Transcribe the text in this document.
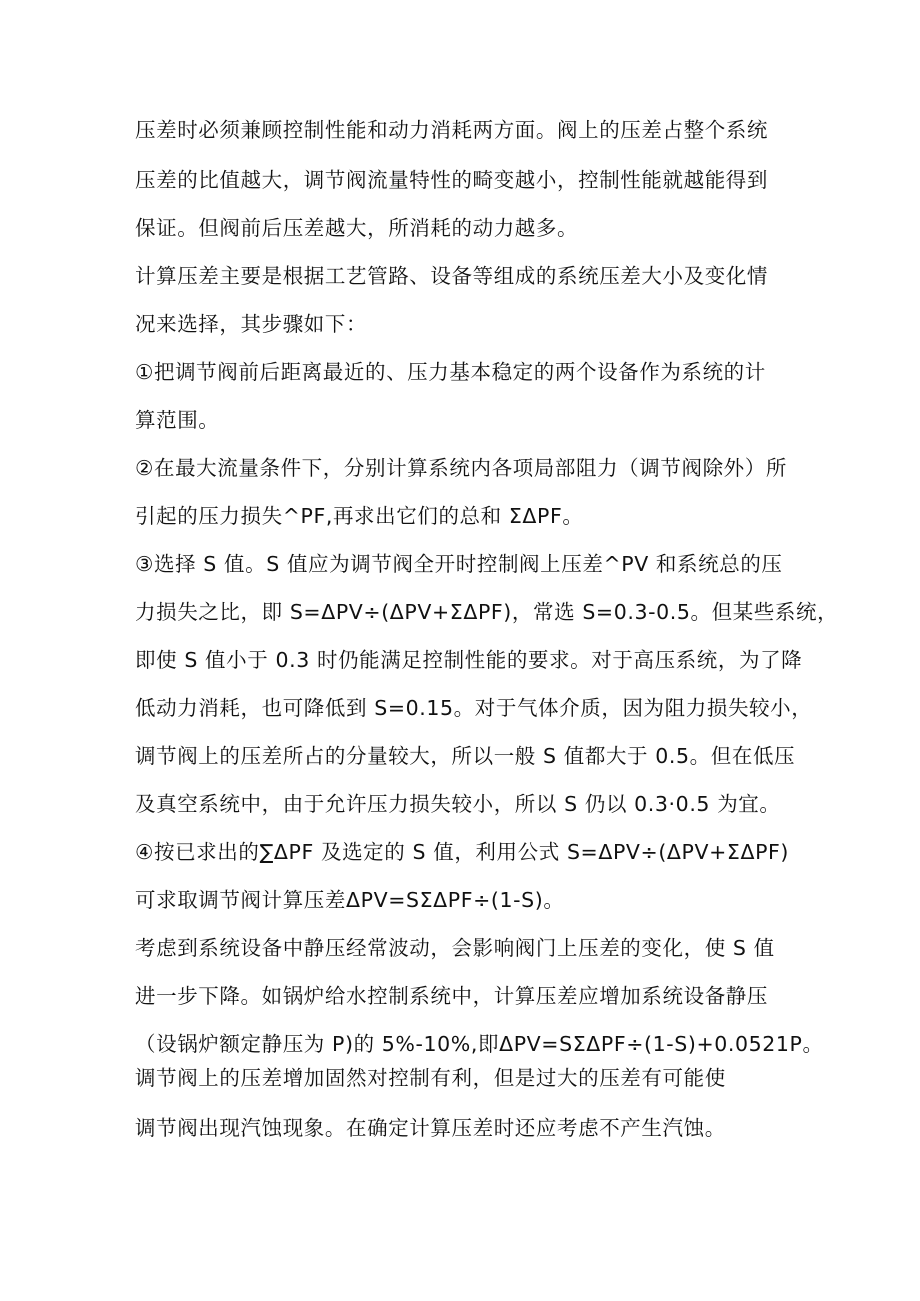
压差时必须兼顾控制性能和动力消耗两方面。阀上的压差占整个系统
压差的比值越大，调节阀流量特性的畸变越小，控制性能就越能得到
保证。但阀前后压差越大，所消耗的动力越多。
计算压差主要是根据工艺管路、设备等组成的系统压差大小及变化情
况来选择，其步骤如下：
①把调节阀前后距离最近的、压力基本稳定的两个设备作为系统的计
算范围。
②在最大流量条件下，分别计算系统内各项局部阻力（调节阀除外）所
引起的压力损失^PF,再求出它们的总和 ΣΔPF。
③选择 S 值。S 值应为调节阀全开时控制阀上压差^PV 和系统总的压
力损失之比，即 S=ΔPV÷(ΔPV+ΣΔPF)，常选 S=0.3-0.5。但某些系统，
即使 S 值小于 0.3 时仍能满足控制性能的要求。对于高压系统，为了降
低动力消耗，也可降低到 S=0.15。对于气体介质，因为阻力损失较小，
调节阀上的压差所占的分量较大，所以一般 S 值都大于 0.5。但在低压
及真空系统中，由于允许压力损失较小，所以 S 仍以 0.3·0.5 为宜。
④按已求出的∑ΔPF 及选定的 S 值，利用公式 S=ΔPV÷(ΔPV+ΣΔPF)
可求取调节阀计算压差ΔPV=SΣΔPF÷(1-S)。
考虑到系统设备中静压经常波动，会影响阀门上压差的变化，使 S 值
进一步下降。如锅炉给水控制系统中，计算压差应增加系统设备静压
（设锅炉额定静压为 P)的 5%-10%,即ΔPV=SΣΔPF÷(1-S)+0.0521P。
调节阀上的压差增加固然对控制有利，但是过大的压差有可能使
调节阀出现汽蚀现象。在确定计算压差时还应考虑不产生汽蚀。
